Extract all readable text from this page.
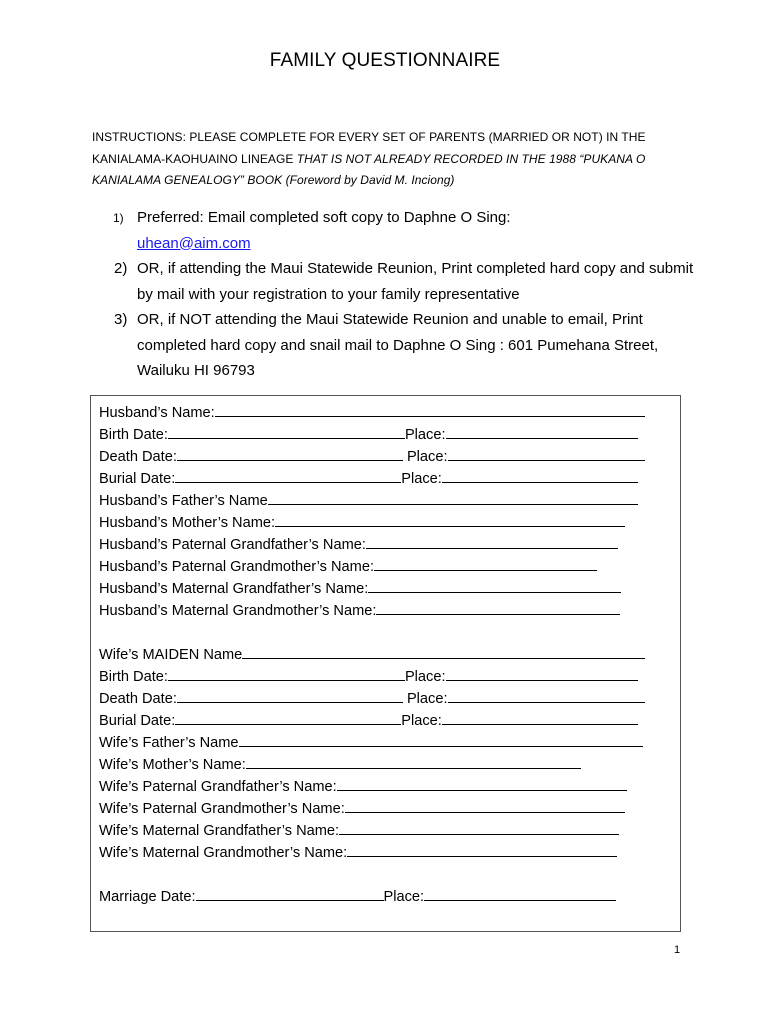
FAMILY QUESTIONNAIRE
INSTRUCTIONS: PLEASE COMPLETE FOR EVERY SET OF PARENTS (MARRIED OR NOT) IN THE KANIALAMA-KAOHUAINO LINEAGE THAT IS NOT ALREADY RECORDED IN THE 1988 “PUKANA O KANIALAMA GENEALOGY” BOOK (Foreword by David M. Inciong)
1) Preferred: Email completed soft copy to Daphne O Sing:
uhean@aim.com
2) OR, if attending the Maui Statewide Reunion, Print completed hard copy and submit by mail with your registration to your family representative
3) OR, if NOT attending the Maui Statewide Reunion and unable to email, Print completed hard copy and snail mail to Daphne O Sing : 601 Pumehana Street, Wailuku HI 96793
Husband’s Name:
Birth Date:	Place:
Death Date:	Place:
Burial Date:	Place:
Husband’s Father’s Name
Husband’s Mother’s Name:
Husband’s Paternal Grandfather’s Name:
Husband’s Paternal Grandmother’s Name:
Husband’s Maternal Grandfather’s Name:
Husband’s Maternal Grandmother’s Name:
Wife’s MAIDEN Name
Birth Date:	Place:
Death Date:	Place:
Burial Date:	Place:
Wife’s Father’s Name
Wife’s Mother’s Name:
Wife’s Paternal Grandfather’s Name:
Wife’s Paternal Grandmother’s Name:
Wife’s Maternal Grandfather’s Name:
Wife’s Maternal Grandmother’s Name:
Marriage Date:	Place:
1
